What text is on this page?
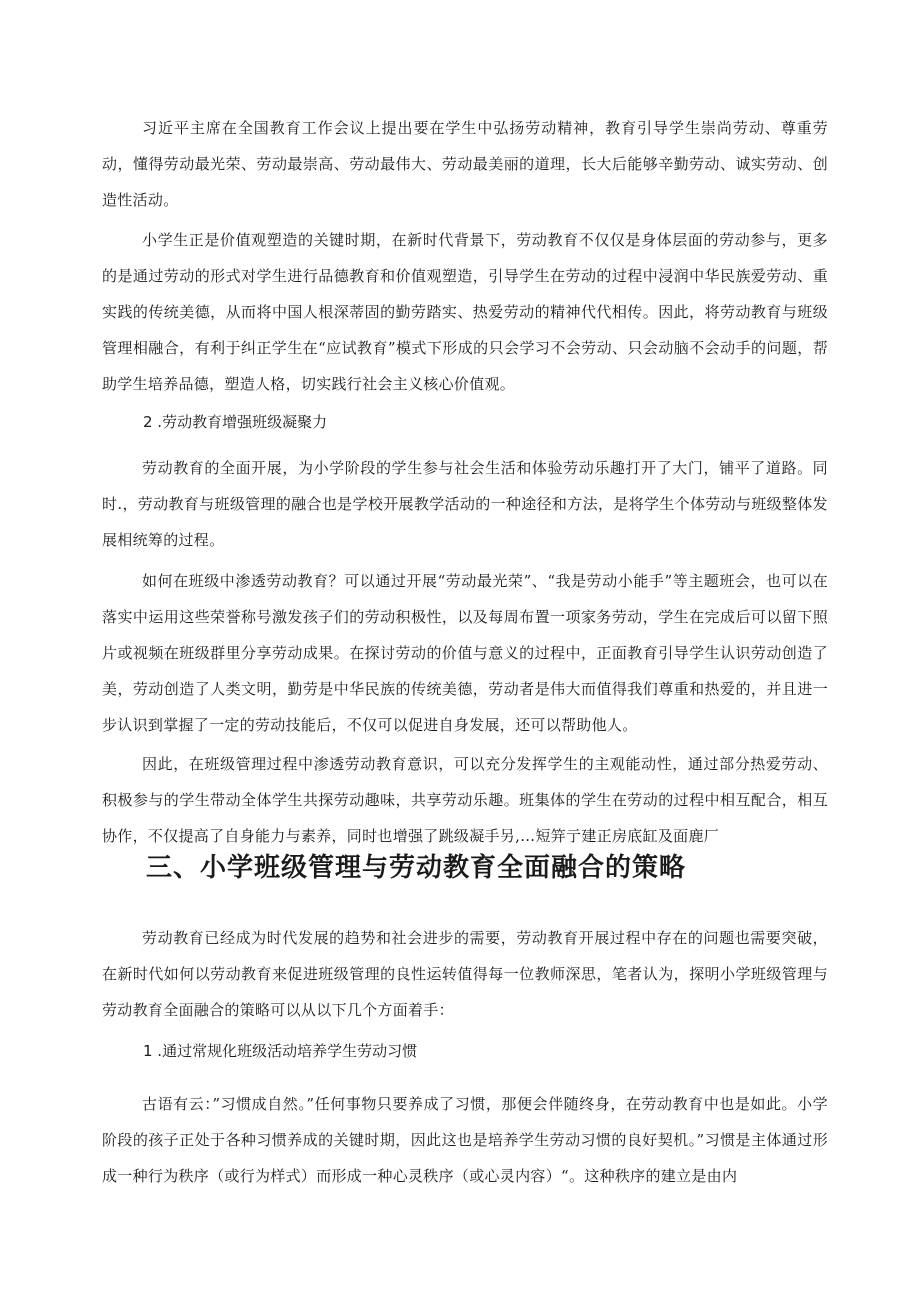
习近平主席在全国教育工作会议上提出要在学生中弘扬劳动精神，教育引导学生崇尚劳动、尊重劳动，懂得劳动最光荣、劳动最崇高、劳动最伟大、劳动最美丽的道理，长大后能够辛勤劳动、诚实劳动、创造性活动。

小学生正是价值观塑造的关键时期，在新时代背景下，劳动教育不仅仅是身体层面的劳动参与，更多的是通过劳动的形式对学生进行品德教育和价值观塑造，引导学生在劳动的过程中浸润中华民族爱劳动、重实践的传统美德，从而将中国人根深蒂固的勤劳踏实、热爱劳动的精神代代相传。因此，将劳动教育与班级管理相融合，有利于纠正学生在“应试教育”模式下形成的只会学习不会劳动、只会动脑不会动手的问题，帮助学生培养品德，塑造人格，切实践行社会主义核心价值观。

2 .劳动教育增强班级凝聚力

劳动教育的全面开展，为小学阶段的学生参与社会生活和体验劳动乐趣打开了大门，铺平了道路。同时.，劳动教育与班级管理的融合也是学校开展教学活动的一种途径和方法，是将学生个体劳动与班级整体发展相统筹的过程。

如何在班级中渗透劳动教育？可以通过开展“劳动最光荣”、“我是劳动小能手”等主题班会，也可以在落实中运用这些荣誉称号激发孩子们的劳动积极性，以及每周布置一项家务劳动，学生在完成后可以留下照片或视频在班级群里分享劳动成果。在探讨劳动的价值与意义的过程中，正面教育引导学生认识劳动创造了美，劳动创造了人类文明，勤劳是中华民族的传统美德，劳动者是伟大而值得我们尊重和热爱的，并且进一步认识到掌握了一定的劳动技能后，不仅可以促进自身发展，还可以帮助他人。

因此，在班级管理过程中渗透劳动教育意识，可以充分发挥学生的主观能动性，通过部分热爱劳动、积极参与的学生带动全体学生共探劳动趣味，共享劳动乐趣。班集体的学生在劳动的过程中相互配合，相互协作，不仅提高了自身能力与素养，同时也增强了跳级凝手另,…短笄亍建正房底缸及面鹿厂

三、小学班级管理与劳动教育全面融合的策略

劳动教育已经成为时代发展的趋势和社会进步的需要，劳动教育开展过程中存在的问题也需要突破，在新时代如何以劳动教育来促进班级管理的良性运转值得每一位教师深思，笔者认为，探明小学班级管理与劳动教育全面融合的策略可以从以下几个方面着手：

1 .通过常规化班级活动培养学生劳动习惯

古语有云：”习惯成自然。”任何事物只要养成了习惯，那便会伴随终身，在劳动教育中也是如此。小学阶段的孩子正处于各种习惯养成的关键时期，因此这也是培养学生劳动习惯的良好契机。”习惯是主体通过形成一种行为秩序（或行为样式）而形成一种心灵秩序（或心灵内容）“。这种秩序的建立是由内
